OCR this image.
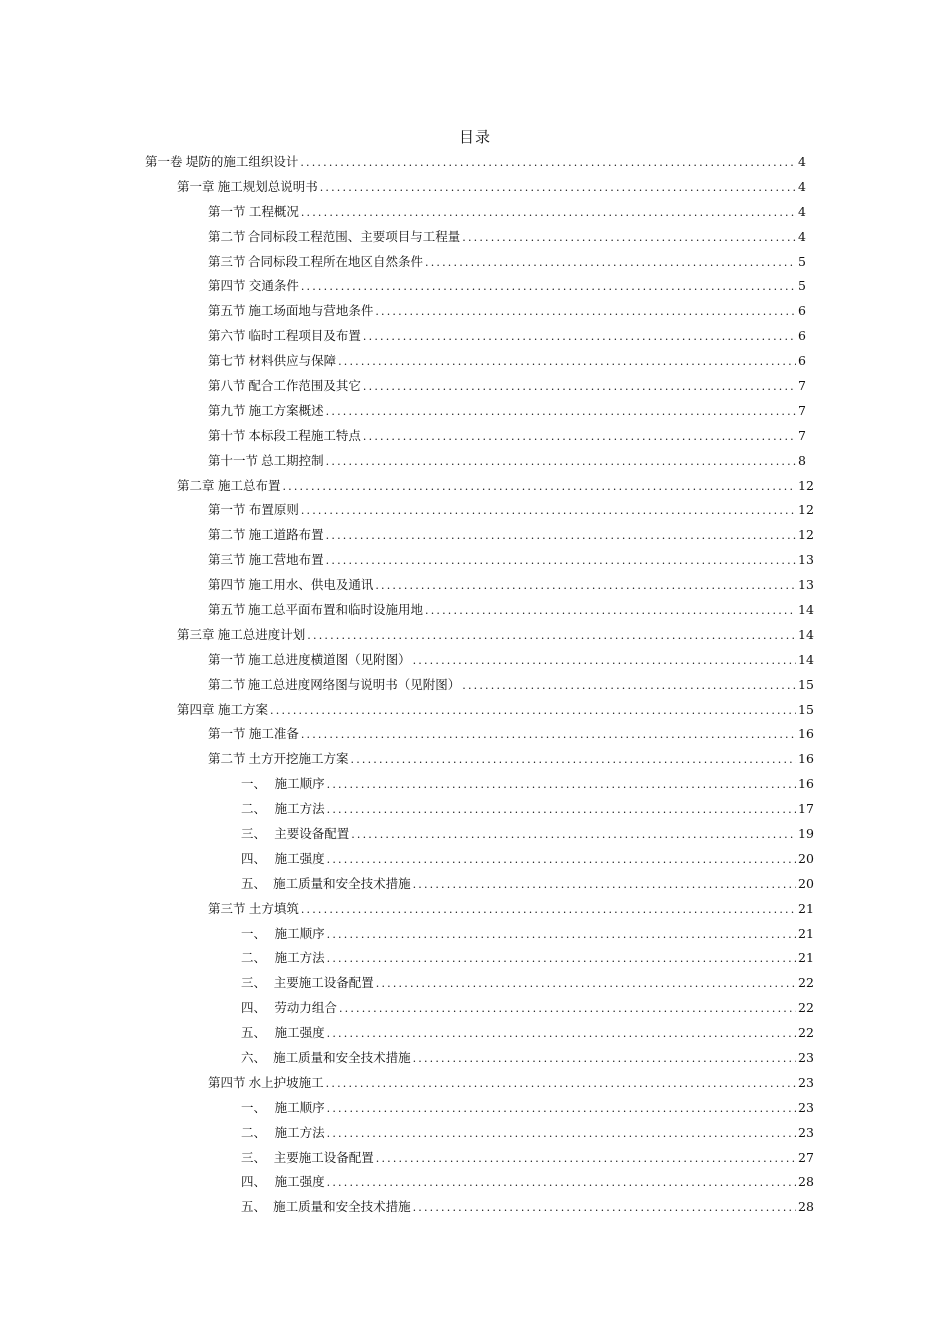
目录
第一卷 堤防的施工组织设计 .....	4
第一章 施工规划总说明书 .....	4
第一节 工程概况 .....	4
第二节 合同标段工程范围、主要项目与工程量 .....	4
第三节 合同标段工程所在地区自然条件 .....	5
第四节 交通条件 .....	5
第五节 施工场面地与营地条件 .....	6
第六节 临时工程项目及布置 .....	6
第七节 材料供应与保障 .....	6
第八节 配合工作范围及其它 .....	7
第九节 施工方案概述 .....	7
第十节 本标段工程施工特点 .....	7
第十一节 总工期控制 .....	8
第二章 施工总布置 .....	12
第一节 布置原则 .....	12
第二节 施工道路布置 .....	12
第三节 施工营地布置 .....	13
第四节 施工用水、供电及通讯 .....	13
第五节 施工总平面布置和临时设施用地 .....	14
第三章 施工总进度计划 .....	14
第一节 施工总进度横道图（见附图） .....	14
第二节 施工总进度网络图与说明书（见附图） .....	15
第四章 施工方案 .....	15
第一节 施工准备 .....	16
第二节 土方开挖施工方案 .....	16
一、 施工顺序 .....	16
二、 施工方法 .....	17
三、 主要设备配置 .....	19
四、 施工强度 .....	20
五、 施工质量和安全技术措施 .....	20
第三节 土方填筑 .....	21
一、 施工顺序 .....	21
二、 施工方法 .....	21
三、 主要施工设备配置 .....	22
四、 劳动力组合 .....	22
五、 施工强度 .....	22
六、 施工质量和安全技术措施 .....	23
第四节 水上护坡施工 .....	23
一、 施工顺序 .....	23
二、 施工方法 .....	23
三、 主要施工设备配置 .....	27
四、 施工强度 .....	28
五、 施工质量和安全技术措施 .....	28
